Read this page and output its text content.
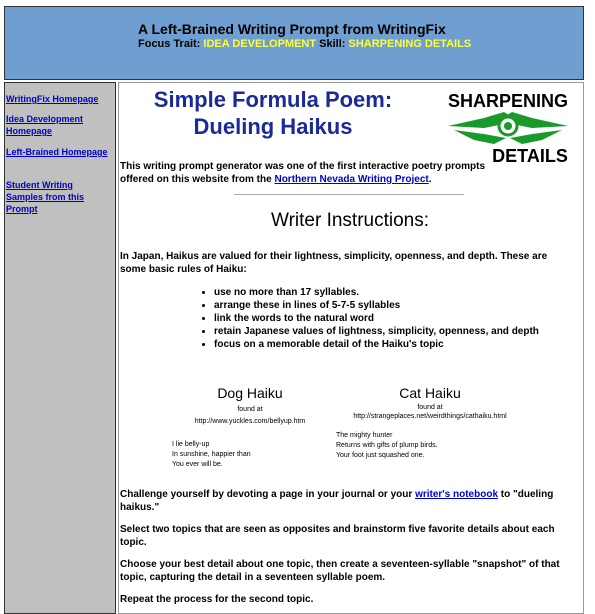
A Left-Brained Writing Prompt from WritingFix
Focus Trait: IDEA DEVELOPMENT Skill: SHARPENING DETAILS
WritingFix Homepage
Idea Development Homepage
Left-Brained Homepage
Student Writing Samples from this Prompt
Simple Formula Poem: Dueling Haikus
SHARPENING
DETAILS
This writing prompt generator was one of the first interactive poetry prompts offered on this website from the Northern Nevada Writing Project.
Writer Instructions:
In Japan, Haikus are valued for their lightness, simplicity, openness, and depth. These are some basic rules of Haiku:
• use no more than 17 syllables.
• arrange these in lines of 5-7-5 syllables
• link the words to the natural word
• retain Japanese values of lightness, simplicity, openness, and depth
• focus on a memorable detail of the Haiku's topic
Dog Haiku
found at
http://www.yuckles.com/bellyup.htm
I lie belly-up
In sunshine, happier than
You ever will be.
Cat Haiku
found at
http://strangeplaces.net/weirdthings/cathaiku.html
The mighty hunter
Returns with gifts of plump birds.
Your foot just squashed one.
Challenge yourself by devoting a page in your journal or your writer's notebook to "dueling haikus."
Select two topics that are seen as opposites and brainstorm five favorite details about each topic.
Choose your best detail about one topic, then create a seventeen-syllable "snapshot" of that topic, capturing the detail in a seventeen syllable poem.
Repeat the process for the second topic.
